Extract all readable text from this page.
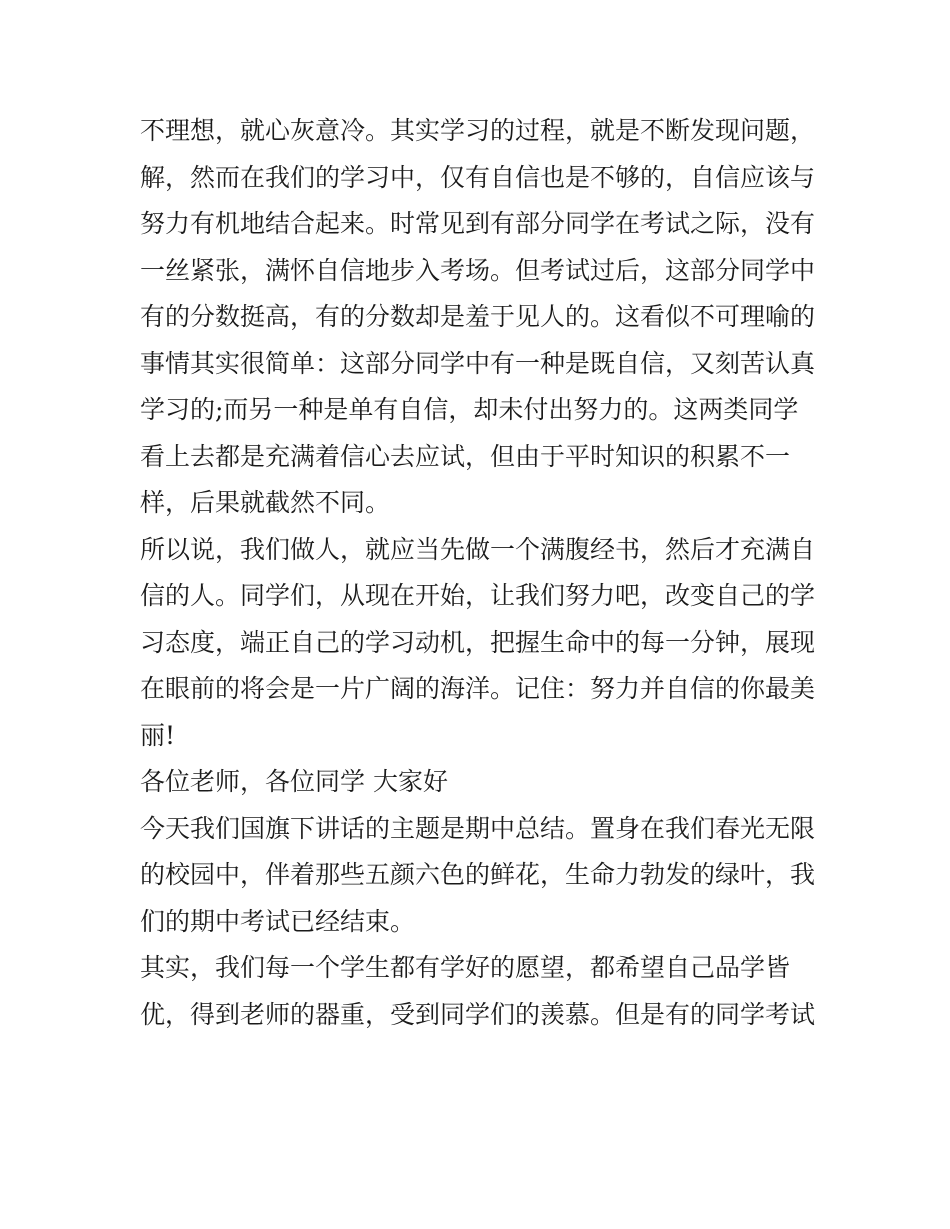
不理想，就心灰意冷。其实学习的过程，就是不断发现问题，
解，然而在我们的学习中，仅有自信也是不够的，自信应该与
努力有机地结合起来。时常见到有部分同学在考试之际，没有
一丝紧张，满怀自信地步入考场。但考试过后，这部分同学中
有的分数挺高，有的分数却是羞于见人的。这看似不可理喻的
事情其实很简单：这部分同学中有一种是既自信，又刻苦认真
学习的;而另一种是单有自信，却未付出努力的。这两类同学
看上去都是充满着信心去应试，但由于平时知识的积累不一
样，后果就截然不同。
所以说，我们做人，就应当先做一个满腹经书，然后才充满自
信的人。同学们，从现在开始，让我们努力吧，改变自己的学
习态度，端正自己的学习动机，把握生命中的每一分钟，展现
在眼前的将会是一片广阔的海洋。记住：努力并自信的你最美
丽!
各位老师，各位同学 大家好
今天我们国旗下讲话的主题是期中总结。置身在我们春光无限
的校园中，伴着那些五颜六色的鲜花，生命力勃发的绿叶，我
们的期中考试已经结束。
其实，我们每一个学生都有学好的愿望，都希望自己品学皆
优，得到老师的器重，受到同学们的羡慕。但是有的同学考试
